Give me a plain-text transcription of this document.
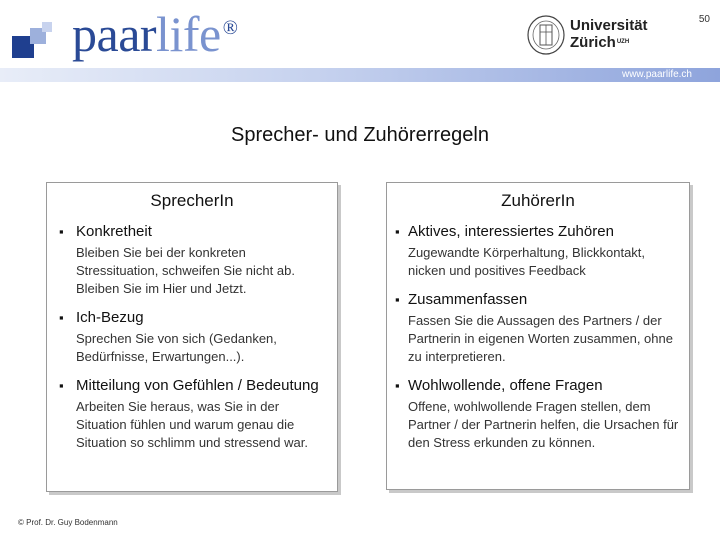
paarlife ®	50
Universität
Zürich$^{UZH}$
www.paarlife.ch
Sprecher- und Zuhörerregeln
SprecherIn
▪ Konkretheit
Bleiben Sie bei der konkreten Stressituation, schweifen Sie nicht ab. Bleiben Sie im Hier und Jetzt.
▪ Ich-Bezug
Sprechen Sie von sich (Gedanken, Bedürfnisse, Erwartungen...).
▪ Mitteilung von Gefühlen / Bedeutung
Arbeiten Sie heraus, was Sie in der Situation fühlen und warum genau die Situation so schlimm und stressend war.
ZuhörerIn
▪ Aktives, interessiertes Zuhören
Zugewandte Körperhaltung, Blickkontakt, nicken und positives Feedback
▪ Zusammenfassen
Fassen Sie die Aussagen des Partners / der Partnerin in eigenen Worten zusammen, ohne zu interpretieren.
▪ Wohlwollende, offene Fragen
Offene, wohlwollende Fragen stellen, dem Partner / der Partnerin helfen, die Ursachen für den Stress erkunden zu können.
© Prof. Dr. Guy Bodenmann
